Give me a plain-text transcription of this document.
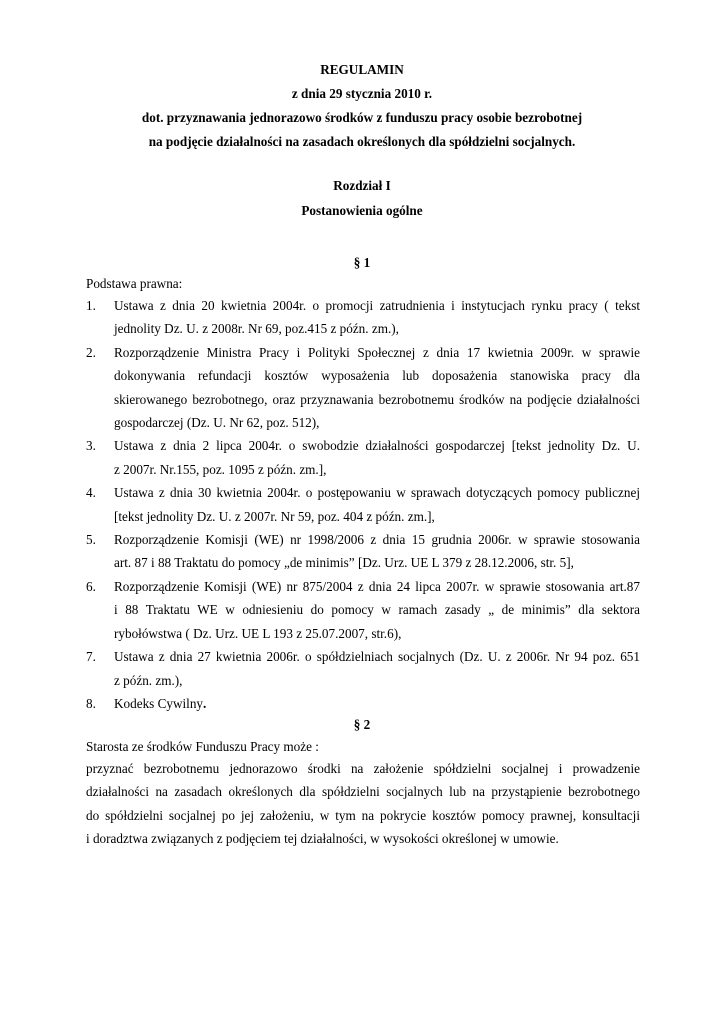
REGULAMIN
z dnia 29 stycznia 2010 r.
dot. przyznawania jednorazowo środków z funduszu pracy osobie bezrobotnej
na podjęcie działalności na zasadach określonych dla spółdzielni socjalnych.
Rozdział I
Postanowienia ogólne
§ 1
Podstawa prawna:
1. Ustawa z dnia 20 kwietnia 2004r. o promocji zatrudnienia i instytucjach rynku pracy ( tekst
jednolity Dz. U. z 2008r. Nr 69, poz.415 z późn. zm.),
2. Rozporządzenie Ministra Pracy i Polityki Społecznej z dnia 17 kwietnia 2009r. w sprawie
dokonywania refundacji kosztów wyposażenia lub doposażenia stanowiska pracy dla
skierowanego bezrobotnego, oraz przyznawania bezrobotnemu środków na podjęcie działalności
gospodarczej (Dz. U. Nr 62, poz. 512),
3. Ustawa z dnia 2 lipca 2004r. o swobodzie działalności gospodarczej [tekst jednolity Dz. U.
z 2007r. Nr.155, poz. 1095 z późn. zm.],
4. Ustawa z dnia 30 kwietnia 2004r. o postępowaniu w sprawach dotyczących pomocy publicznej
[tekst jednolity Dz. U. z 2007r. Nr 59, poz. 404 z późn. zm.],
5. Rozporządzenie Komisji (WE) nr 1998/2006 z dnia 15 grudnia 2006r. w sprawie stosowania
art. 87 i 88 Traktatu do pomocy „de minimis” [Dz. Urz. UE L 379 z 28.12.2006, str. 5],
6. Rozporządzenie Komisji (WE) nr 875/2004 z dnia 24 lipca 2007r. w sprawie stosowania art.87
i 88 Traktatu WE w odniesieniu do pomocy w ramach zasady „ de minimis” dla sektora
rybołówstwa ( Dz. Urz. UE L 193 z 25.07.2007, str.6),
7. Ustawa z dnia 27 kwietnia 2006r. o spółdzielniach socjalnych (Dz. U. z 2006r. Nr 94 poz. 651
z późn. zm.),
8. Kodeks Cywilny.
§ 2
Starosta ze środków Funduszu Pracy może :
przyznać bezrobotnemu jednorazowo środki na założenie spółdzielni socjalnej i prowadzenie
działalności na zasadach określonych dla spółdzielni socjalnych lub na przystąpienie bezrobotnego
do spółdzielni socjalnej po jej założeniu, w tym na pokrycie kosztów pomocy prawnej, konsultacji
i doradztwa związanych z podjęciem tej działalności, w wysokości określonej w umowie.
